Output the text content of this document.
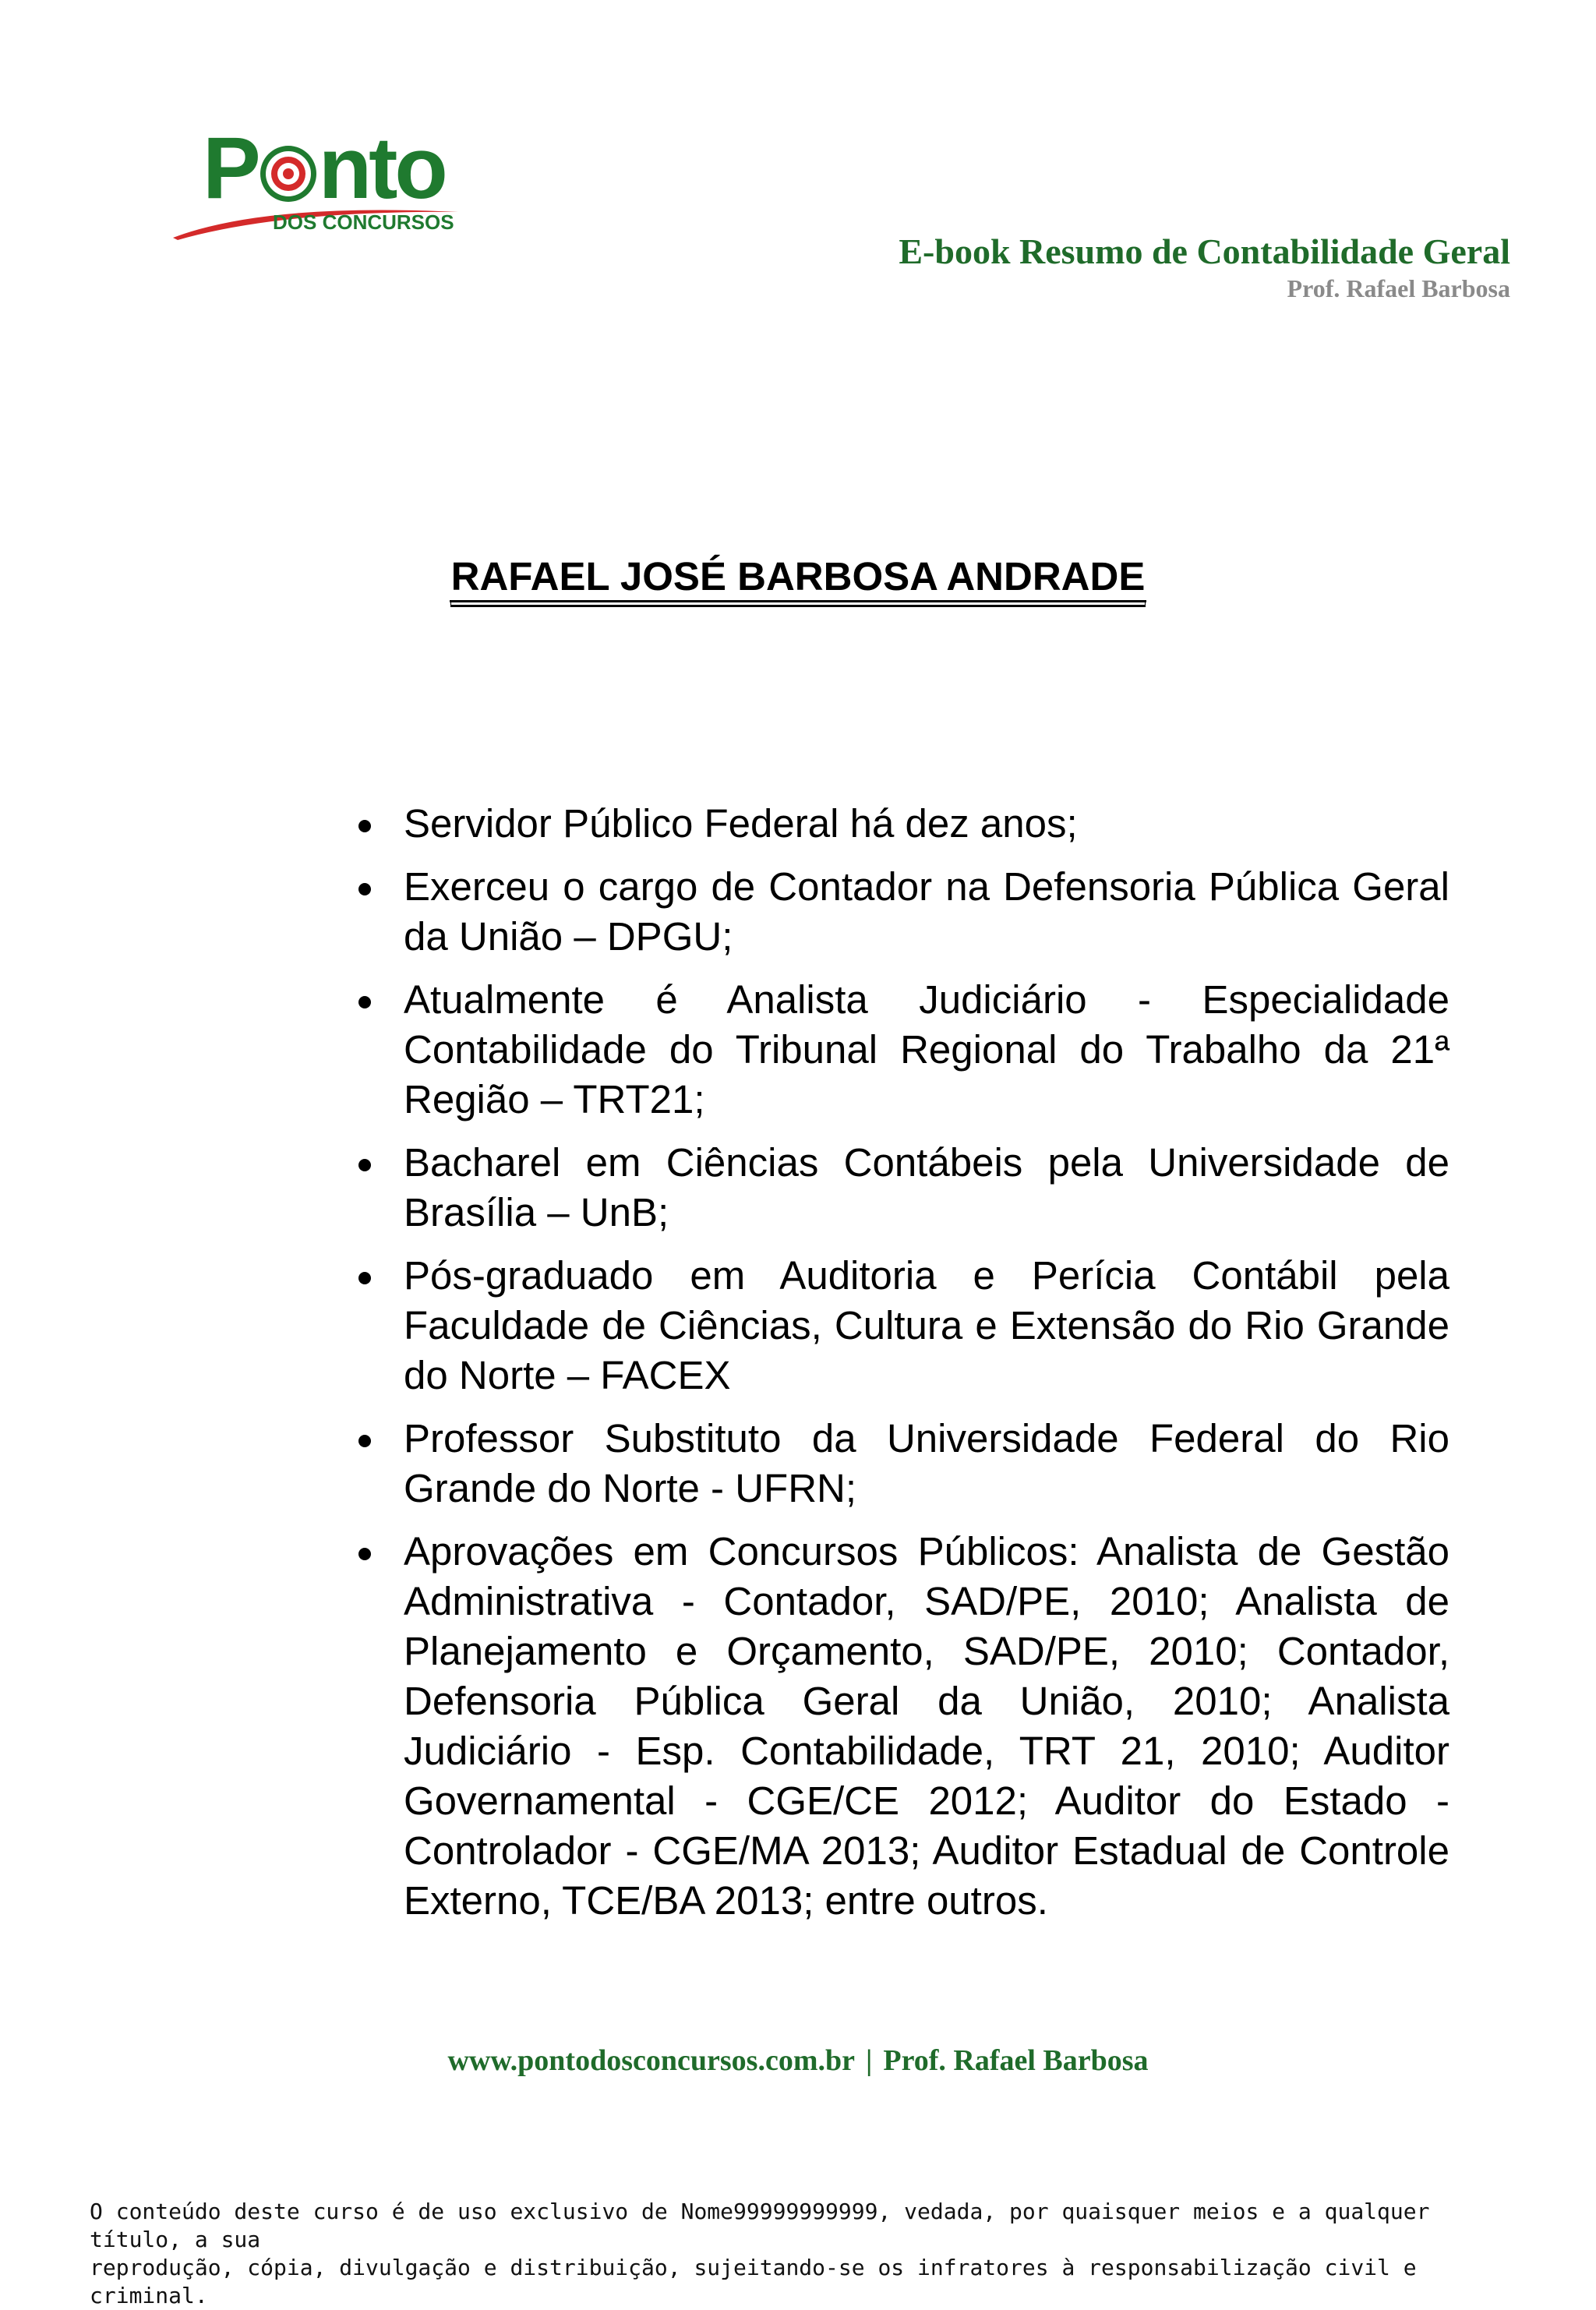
P nto
DOS CONCURSOS
E-book Resumo de Contabilidade Geral
Prof. Rafael Barbosa
RAFAEL JOSÉ BARBOSA ANDRADE
Servidor Público Federal há dez anos;
Exerceu o cargo de Contador na Defensoria Pública Geral da União – DPGU;
Atualmente é Analista Judiciário - Especialidade Contabilidade do Tribunal Regional do Trabalho da 21ª Região – TRT21;
Bacharel em Ciências Contábeis pela Universidade de Brasília – UnB;
Pós-graduado em Auditoria e Perícia Contábil pela Faculdade de Ciências, Cultura e Extensão do Rio Grande do Norte – FACEX
Professor Substituto da Universidade Federal do Rio Grande do Norte - UFRN;
Aprovações em Concursos Públicos: Analista de Gestão Administrativa - Contador, SAD/PE, 2010; Analista de Planejamento e Orçamento, SAD/PE, 2010; Contador, Defensoria Pública Geral da União, 2010; Analista Judiciário - Esp. Contabilidade, TRT 21, 2010; Auditor Governamental - CGE/CE 2012; Auditor do Estado - Controlador - CGE/MA 2013; Auditor Estadual de Controle Externo, TCE/BA 2013; entre outros.
www.pontodosconcursos.com.br | Prof. Rafael Barbosa

O conteúdo deste curso é de uso exclusivo de Nome99999999999, vedada, por quaisquer meios e a qualquer título, a sua

reprodução, cópia, divulgação e distribuição, sujeitando-se os infratores à responsabilização civil e criminal.
